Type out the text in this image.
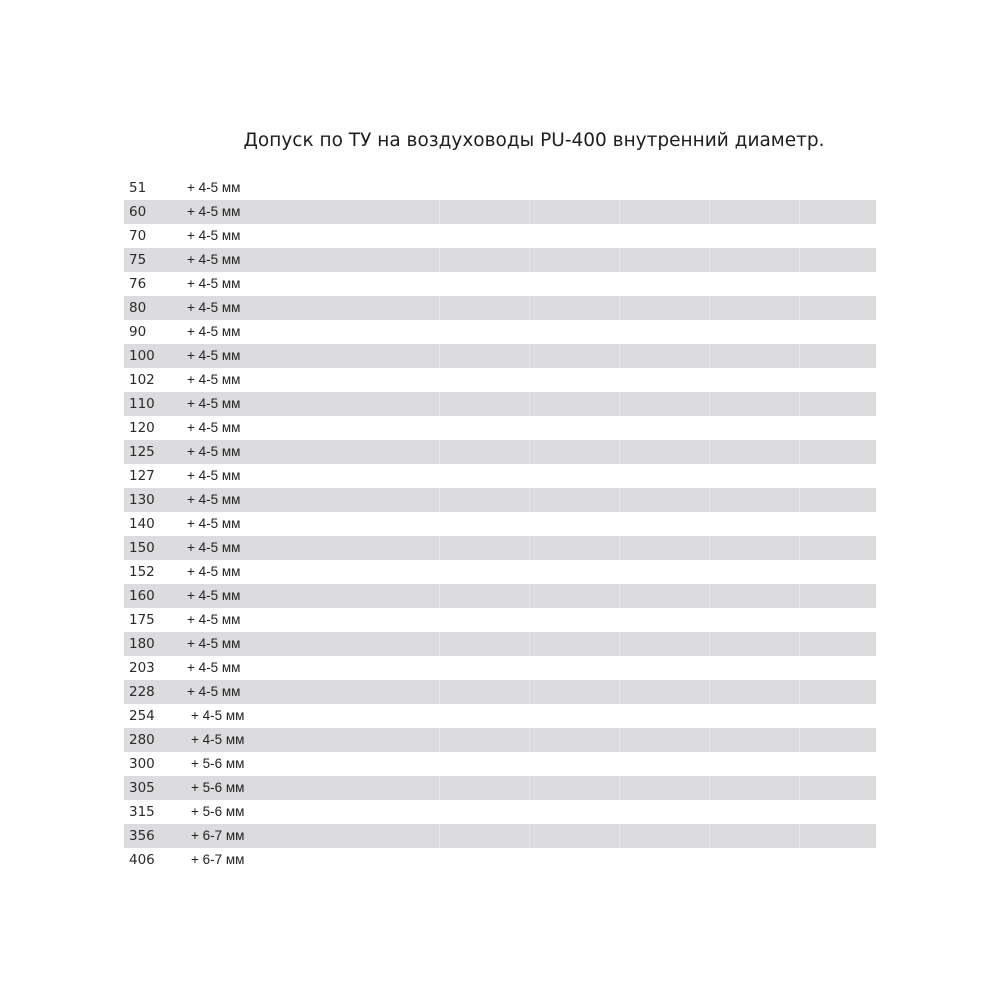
Допуск по ТУ на воздуховоды PU-400 внутренний диаметр.
51	+ 4-5 мм
60	+ 4-5 мм
70	+ 4-5 мм
75	+ 4-5 мм
76	+ 4-5 мм
80	+ 4-5 мм
90	+ 4-5 мм
100 + 4-5 мм
102 + 4-5 мм
110 + 4-5 мм
120 + 4-5 мм
125 + 4-5 мм
127 + 4-5 мм
130 + 4-5 мм
140 + 4-5 мм
150 + 4-5 мм
152 + 4-5 мм
160 + 4-5 мм
175 + 4-5 мм
180 + 4-5 мм
203 + 4-5 мм
228 + 4-5 мм
254	+ 4-5 мм
280	+ 4-5 мм
300	+ 5-6 мм
305	+ 5-6 мм
315	+ 5-6 мм
356	+ 6-7 мм
406	+ 6-7 мм
